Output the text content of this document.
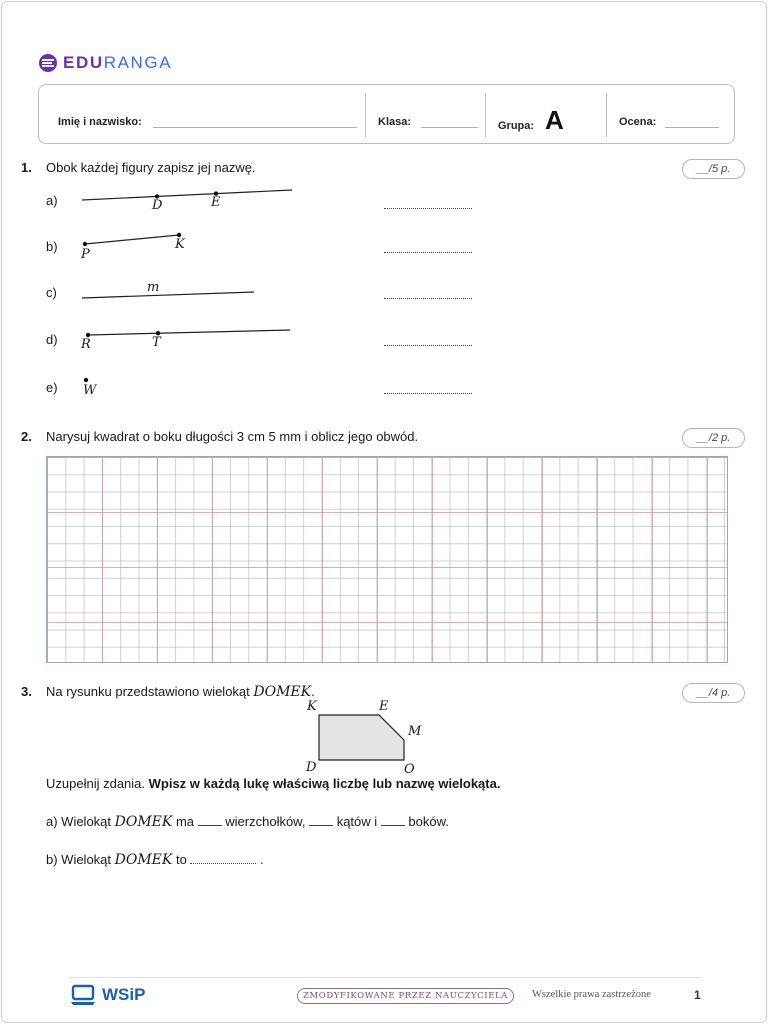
EDURANGA
Imię i nazwisko:	Klasa:	Grupa: A	Ocena:
1. Obok każdej figury zapisz jej nazwę.	__/5 p.
a)
b)
c)
d)
e)
D	E
P
K
m
R	T
W
2. Narysuj kwadrat o boku długości 3 cm 5 mm i oblicz jego obwód.	__/2 p.
3. Na rysunku przedstawiono wielokąt DOMEK.	__/4 p.
K	E
M
D	O
Uzupełnij zdania. Wpisz w każdą lukę właściwą liczbę lub nazwę wielokąta.
a) Wielokąt DOMEK ma  wierzchołków,  kątów i  boków.
b) Wielokąt DOMEK to	.
WSiP	ZMODYFIKOWANE PRZEZ NAUCZYCIELA	Wszelkie prawa zastrzeżone	1
